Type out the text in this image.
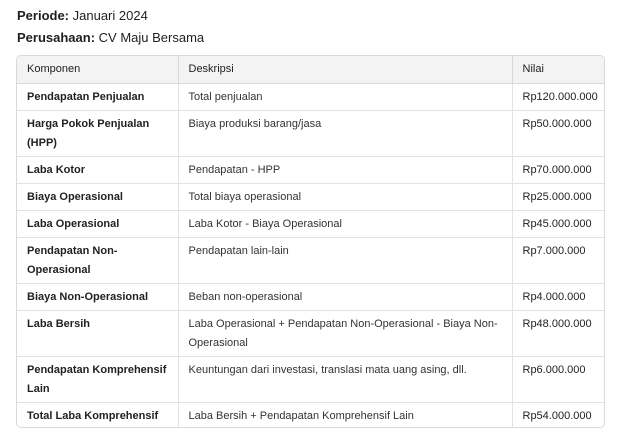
Periode: Januari 2024
Perusahaan: CV Maju Bersama
Komponen	Deskripsi	Nilai
Pendapatan Penjualan	Total penjualan	Rp120.000.000
Harga Pokok Penjualan (HPP)	Biaya produksi barang/jasa	Rp50.000.000
Laba Kotor	Pendapatan - HPP	Rp70.000.000
Biaya Operasional	Total biaya operasional	Rp25.000.000
Laba Operasional	Laba Kotor - Biaya Operasional	Rp45.000.000
Pendapatan Non-Operasional	Pendapatan lain-lain	Rp7.000.000
Biaya Non-Operasional	Beban non-operasional	Rp4.000.000
Laba Bersih	Laba Operasional + Pendapatan Non-Operasional - Biaya Non-Operasional	Rp48.000.000
Pendapatan Komprehensif Lain	Keuntungan dari investasi, translasi mata uang asing, dll.	Rp6.000.000
Total Laba Komprehensif	Laba Bersih + Pendapatan Komprehensif Lain	Rp54.000.000
